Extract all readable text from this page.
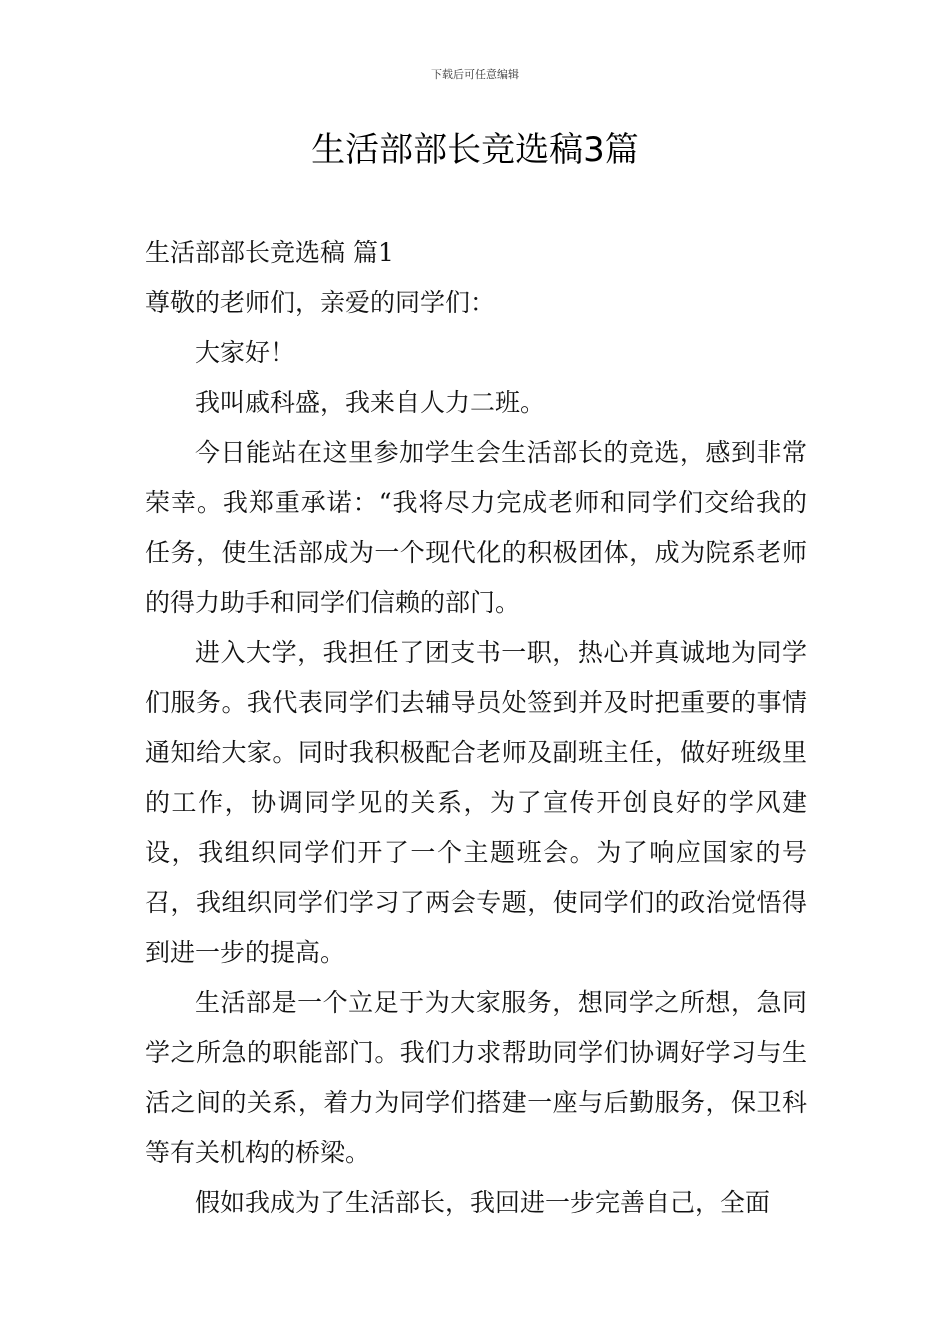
下载后可任意编辑
生活部部长竞选稿3篇

生活部部长竞选稿 篇1

尊敬的老师们，亲爱的同学们：

大家好！

我叫戚科盛，我来自人力二班。

今日能站在这里参加学生会生活部长的竞选，感到非常荣幸。我郑重承诺：“我将尽力完成老师和同学们交给我的任务，使生活部成为一个现代化的积极团体，成为院系老师的得力助手和同学们信赖的部门。

进入大学，我担任了团支书一职，热心并真诚地为同学们服务。我代表同学们去辅导员处签到并及时把重要的事情通知给大家。同时我积极配合老师及副班主任，做好班级里的工作，协调同学见的关系，为了宣传开创良好的学风建设，我组织同学们开了一个主题班会。为了响应国家的号召，我组织同学们学习了两会专题，使同学们的政治觉悟得到进一步的提高。

生活部是一个立足于为大家服务，想同学之所想，急同学之所急的职能部门。我们力求帮助同学们协调好学习与生活之间的关系，着力为同学们搭建一座与后勤服务，保卫科等有关机构的桥梁。

假如我成为了生活部长，我回进一步完善自己，全面
